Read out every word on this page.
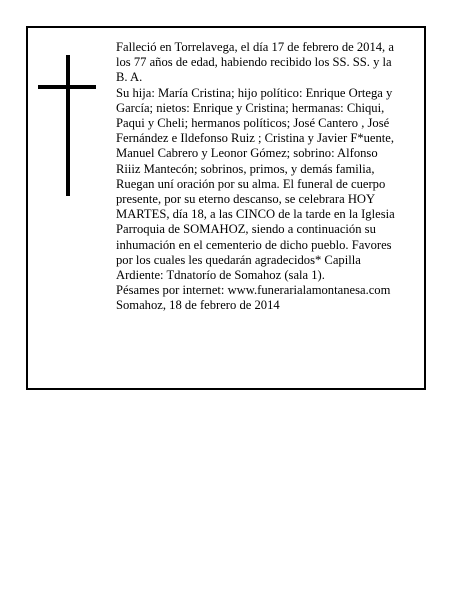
Falleció en Torrelavega, el día 17 de febrero de 2014, a

los 77 años de edad, habiendo recibido los SS. SS. y la

B. A.

Su hija: María Cristina; hijo político: Enrique Ortega y

García; nietos: Enrique y Cristina; hermanas: Chiqui,

Paqui y Cheli; hermanos políticos; José Cantero , José

Fernández e Ildefonso Ruiz ; Cristina y Javier F*uente,

Manuel Cabrero y Leonor Gómez; sobrino: Alfonso

Riiiz Mantecón; sobrinos, primos, y demás familia,

Ruegan uní oración por su alma. El funeral de cuerpo

presente, por su eterno descanso, se celebrara HOY

MARTES, día 18, a las CINCO de la tarde en la Iglesia

Parroquia de SOMAHOZ, siendo a continuación su

inhumación en el cementerio de dicho pueblo. Favores

por los cuales les quedarán agradecidos* Capilla

Ardiente: Tdnatorío de Somahoz (sala 1).

Pésames por internet: www.funerarialamontanesa.com

Somahoz, 18 de febrero de 2014
